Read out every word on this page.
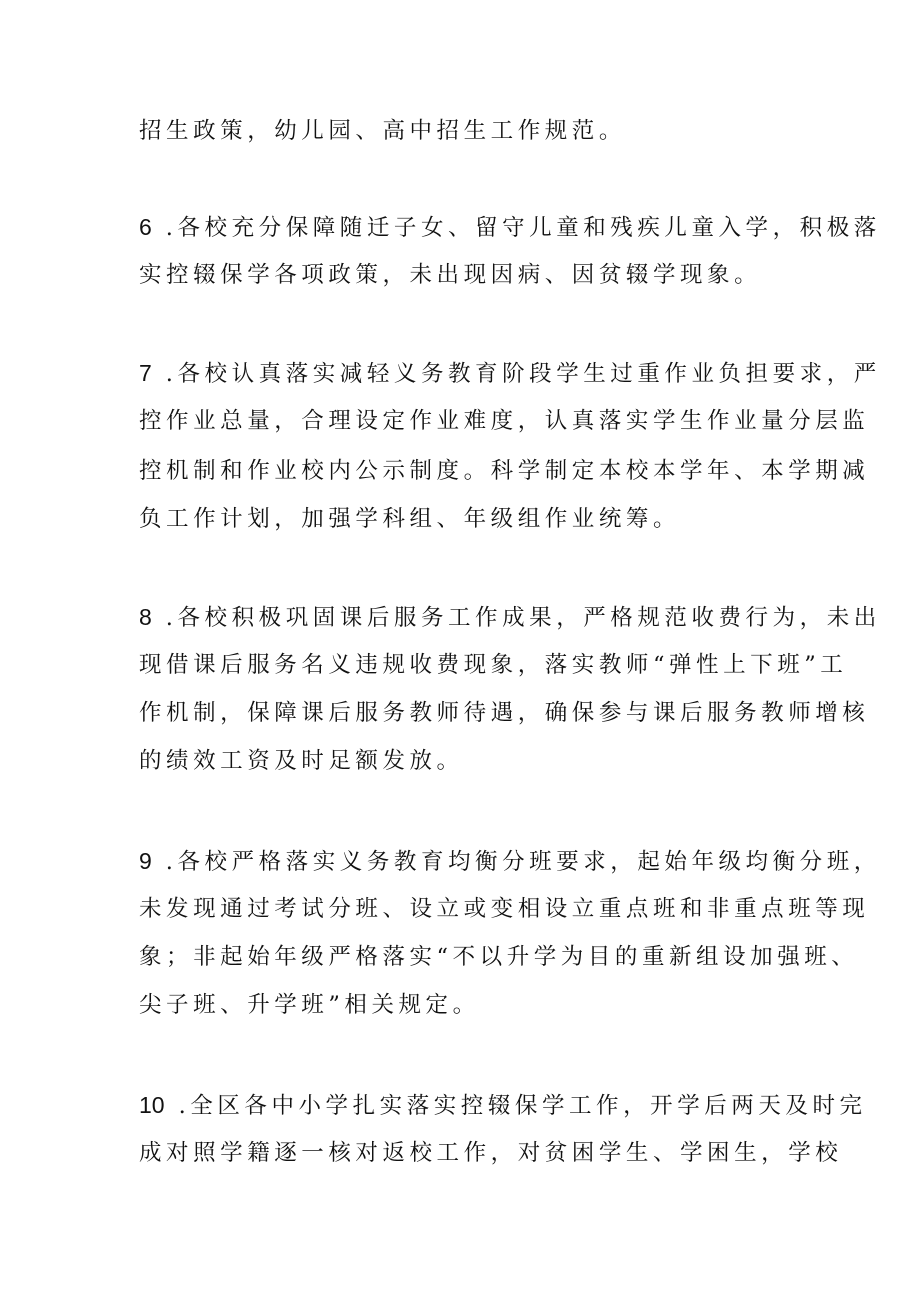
招生政策，幼儿园、高中招生工作规范。
6 .各校充分保障随迁子女、留守儿童和残疾儿童入学，积极落
实控辍保学各项政策，未出现因病、因贫辍学现象。
7 .各校认真落实减轻义务教育阶段学生过重作业负担要求，严
控作业总量，合理设定作业难度，认真落实学生作业量分层监
控机制和作业校内公示制度。科学制定本校本学年、本学期减
负工作计划，加强学科组、年级组作业统筹。
8 .各校积极巩固课后服务工作成果，严格规范收费行为，未出
现借课后服务名义违规收费现象，落实教师“弹性上下班”工
作机制，保障课后服务教师待遇，确保参与课后服务教师增核
的绩效工资及时足额发放。
9 .各校严格落实义务教育均衡分班要求，起始年级均衡分班，
未发现通过考试分班、设立或变相设立重点班和非重点班等现
象；非起始年级严格落实“不以升学为目的重新组设加强班、
尖子班、升学班”相关规定。
10 .全区各中小学扎实落实控辍保学工作，开学后两天及时完
成对照学籍逐一核对返校工作，对贫困学生、学困生，学校
